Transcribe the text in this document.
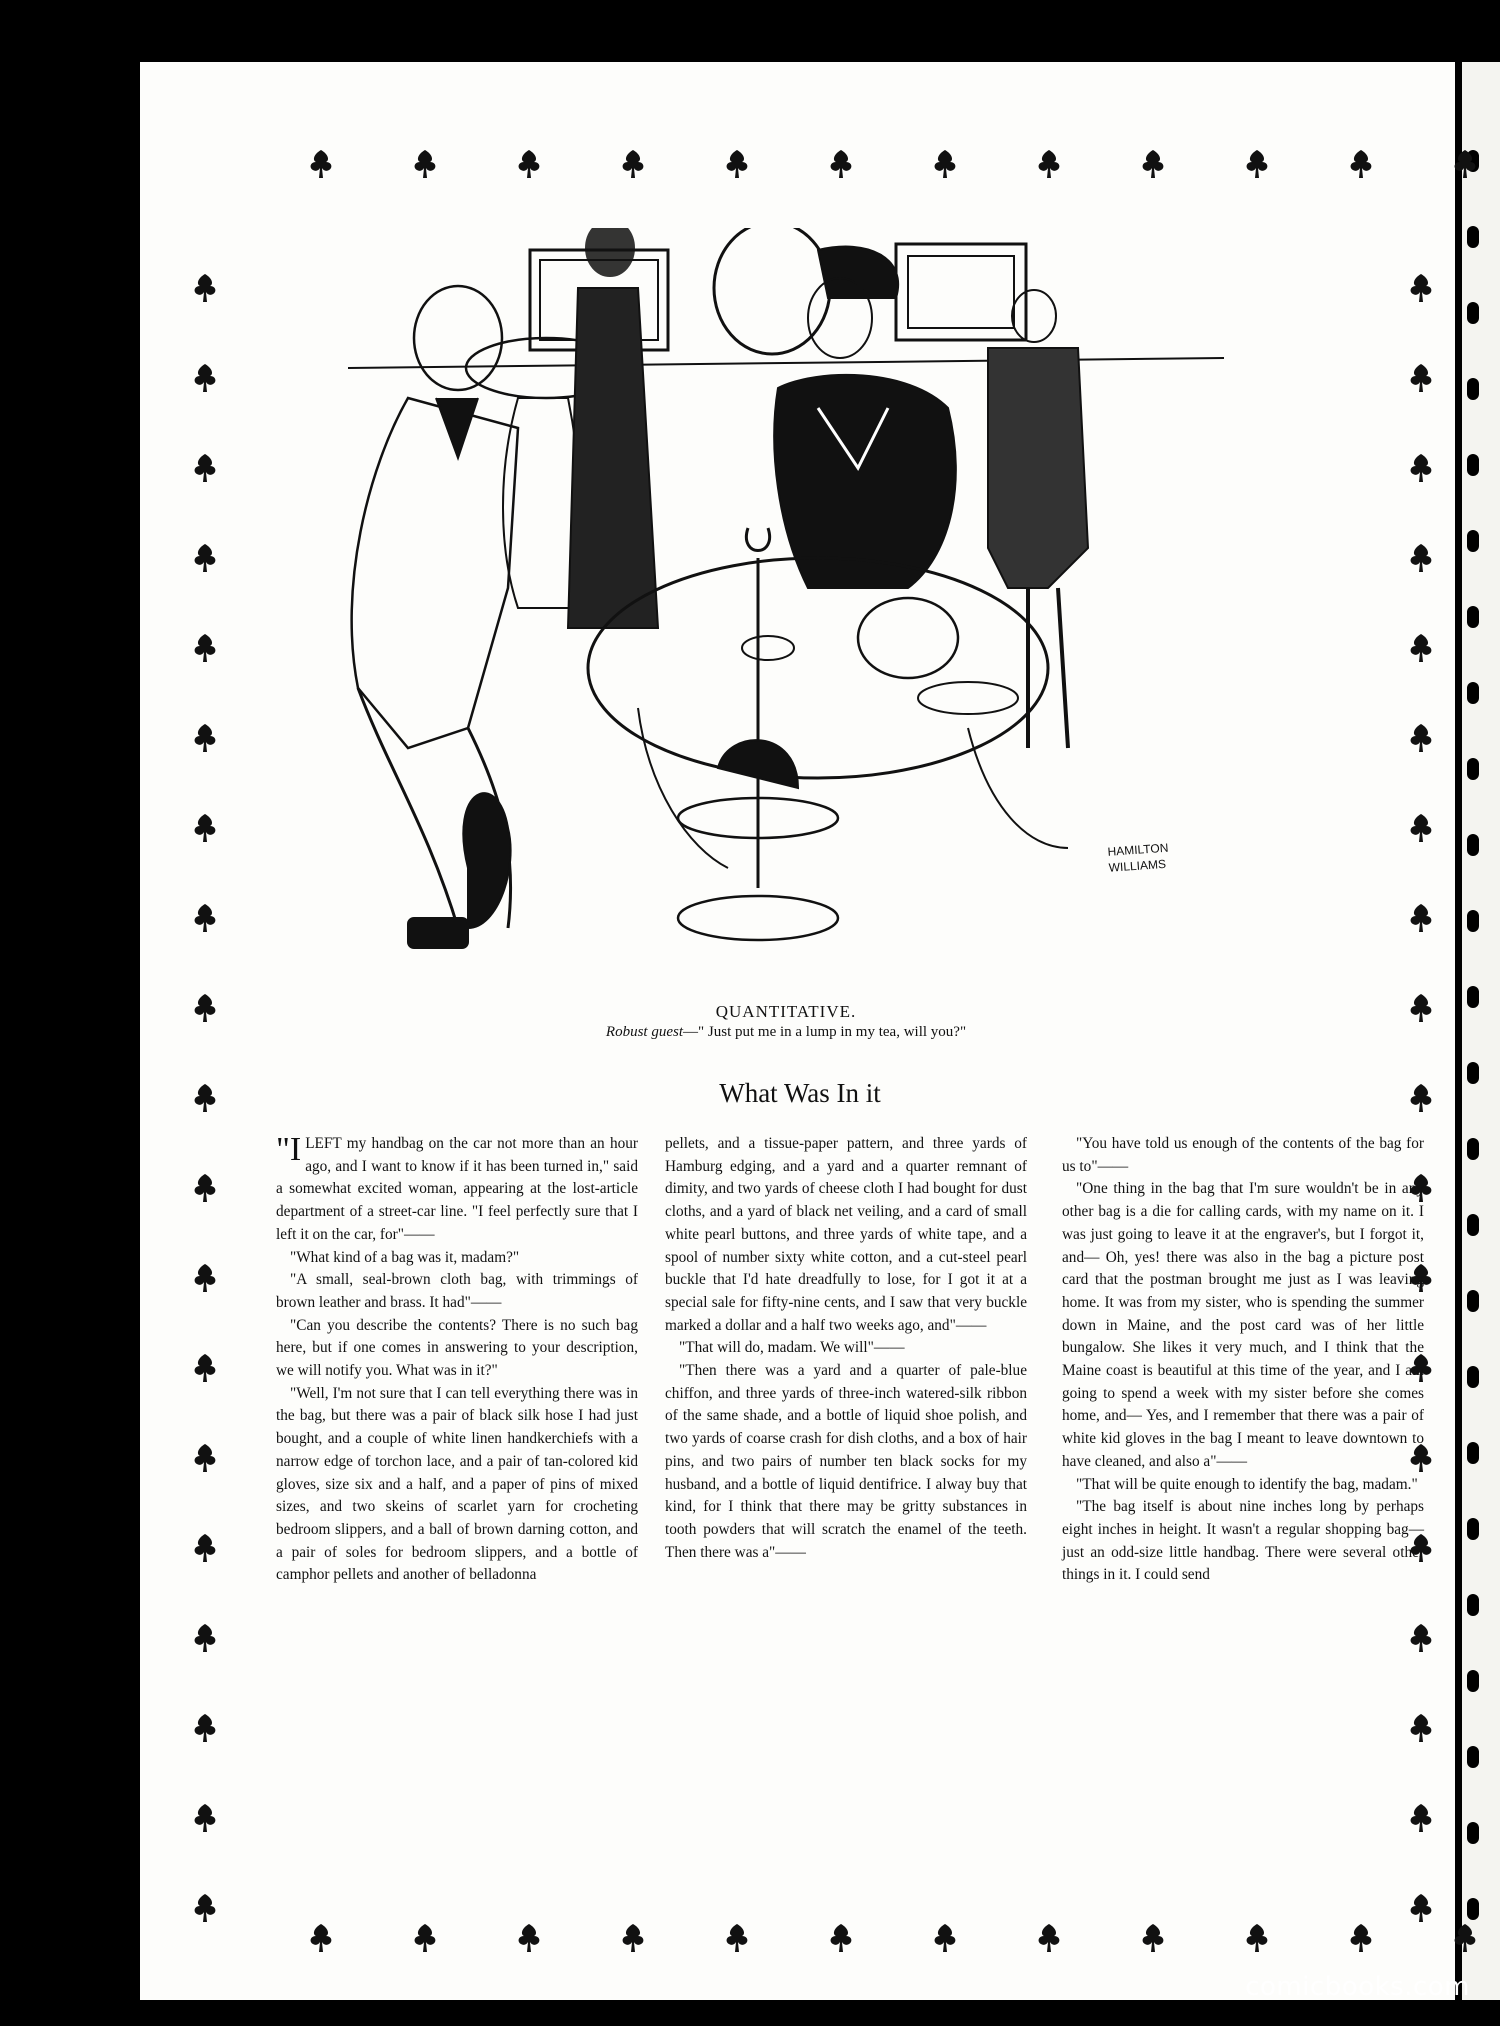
HAMILTON WILLIAMS
QUANTITATIVE.
Robust guest—" Just put me in a lump in my tea, will you?"
What Was In it

"I LEFT my handbag on the car not more than an hour ago, and I want to know if it has been turned in," said a somewhat excited woman, appearing at the lost-article department of a street-car line. "I feel perfectly sure that I left it on the car, for"——

"What kind of a bag was it, madam?"

"A small, seal-brown cloth bag, with trimmings of brown leather and brass. It had"——

"Can you describe the contents? There is no such bag here, but if one comes in answering to your description, we will notify you. What was in it?"

"Well, I'm not sure that I can tell everything there was in the bag, but there was a pair of black silk hose I had just bought, and a couple of white linen handkerchiefs with a narrow edge of torchon lace, and a pair of tan-colored kid gloves, size six and a half, and a paper of pins of mixed sizes, and two skeins of scarlet yarn for crocheting bedroom slippers, and a ball of brown darning cotton, and a pair of soles for bedroom slippers, and a bottle of camphor pellets and another of belladonna

pellets, and a tissue-paper pattern, and three yards of Hamburg edging, and a yard and a quarter remnant of dimity, and two yards of cheese cloth I had bought for dust cloths, and a yard of black net veiling, and a card of small white pearl buttons, and three yards of white tape, and a spool of number sixty white cotton, and a cut-steel pearl buckle that I'd hate dreadfully to lose, for I got it at a special sale for fifty-nine cents, and I saw that very buckle marked a dollar and a half two weeks ago, and"——

"That will do, madam. We will"——

"Then there was a yard and a quarter of pale-blue chiffon, and three yards of three-inch watered-silk ribbon of the same shade, and a bottle of liquid shoe polish, and two yards of coarse crash for dish cloths, and a box of hair pins, and two pairs of number ten black socks for my husband, and a bottle of liquid dentifrice. I alway buy that kind, for I think that there may be gritty substances in tooth powders that will scratch the enamel of the teeth. Then there was a"——

"You have told us enough of the contents of the bag for us to"——

"One thing in the bag that I'm sure wouldn't be in any other bag is a die for calling cards, with my name on it. I was just going to leave it at the engraver's, but I forgot it, and— Oh, yes! there was also in the bag a picture post card that the postman brought me just as I was leaving home. It was from my sister, who is spending the summer down in Maine, and the post card was of her little bungalow. She likes it very much, and I think that the Maine coast is beautiful at this time of the year, and I am going to spend a week with my sister before she comes home, and— Yes, and I remember that there was a pair of white kid gloves in the bag I meant to leave downtown to have cleaned, and also a"——

"That will be quite enough to identify the bag, madam."

"The bag itself is about nine inches long by perhaps eight inches in height. It wasn't a regular shopping bag—just an odd-size little handbag. There were several other things in it. I could send

comicbooks.com
